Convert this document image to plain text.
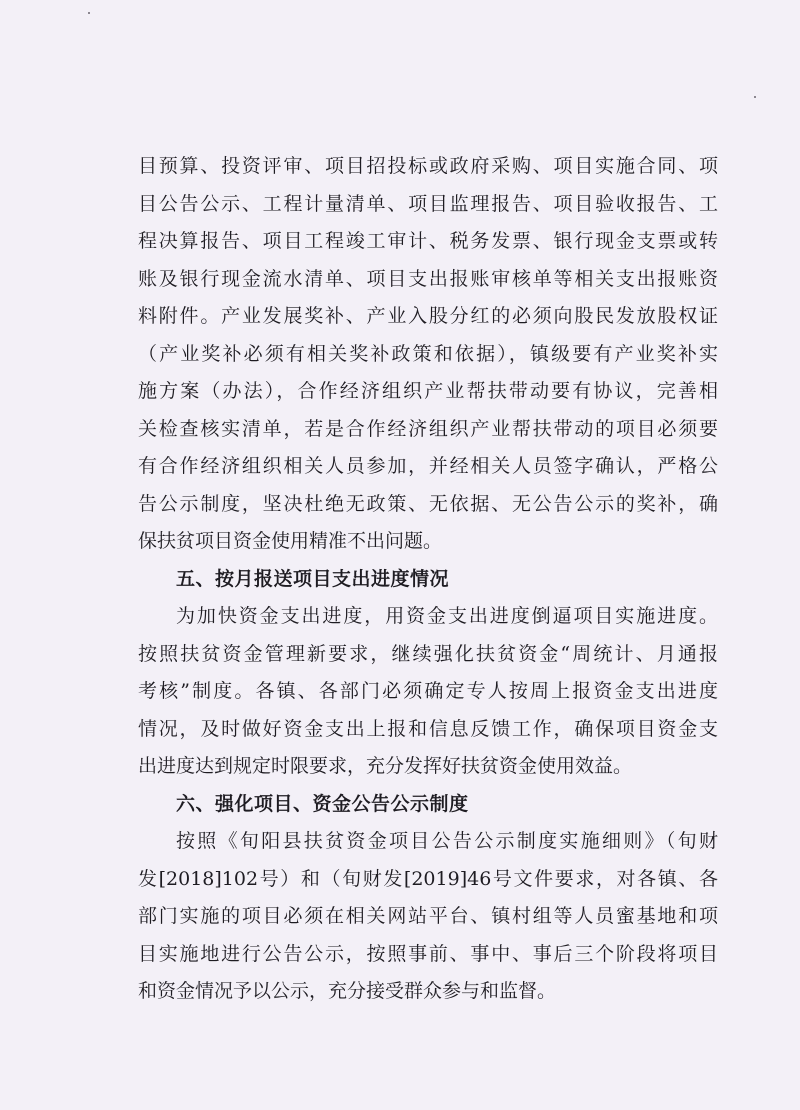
目预算、投资评审、项目招投标或政府采购、项目实施合同、项
目公告公示、工程计量清单、项目监理报告、项目验收报告、工
程决算报告、项目工程竣工审计、税务发票、银行现金支票或转
账及银行现金流水清单、项目支出报账审核单等相关支出报账资
料附件。产业发展奖补、产业入股分红的必须向股民发放股权证
（产业奖补必须有相关奖补政策和依据），镇级要有产业奖补实
施方案（办法），合作经济组织产业帮扶带动要有协议，完善相
关检查核实清单，若是合作经济组织产业帮扶带动的项目必须要
有合作经济组织相关人员参加，并经相关人员签字确认，严格公
告公示制度，坚决杜绝无政策、无依据、无公告公示的奖补，确
保扶贫项目资金使用精准不出问题。
五、按月报送项目支出进度情况
为加快资金支出进度，用资金支出进度倒逼项目实施进度。
按照扶贫资金管理新要求，继续强化扶贫资金“周统计、月通报
考核”制度。各镇、各部门必须确定专人按周上报资金支出进度
情况，及时做好资金支出上报和信息反馈工作，确保项目资金支
出进度达到规定时限要求，充分发挥好扶贫资金使用效益。
六、强化项目、资金公告公示制度
按照《旬阳县扶贫资金项目公告公示制度实施细则》（旬财
发[2018]102号）和（旬财发[2019]46号文件要求，对各镇、各
部门实施的项目必须在相关网站平台、镇村组等人员蜜基地和项
目实施地进行公告公示，按照事前、事中、事后三个阶段将项目
和资金情况予以公示，充分接受群众参与和监督。
